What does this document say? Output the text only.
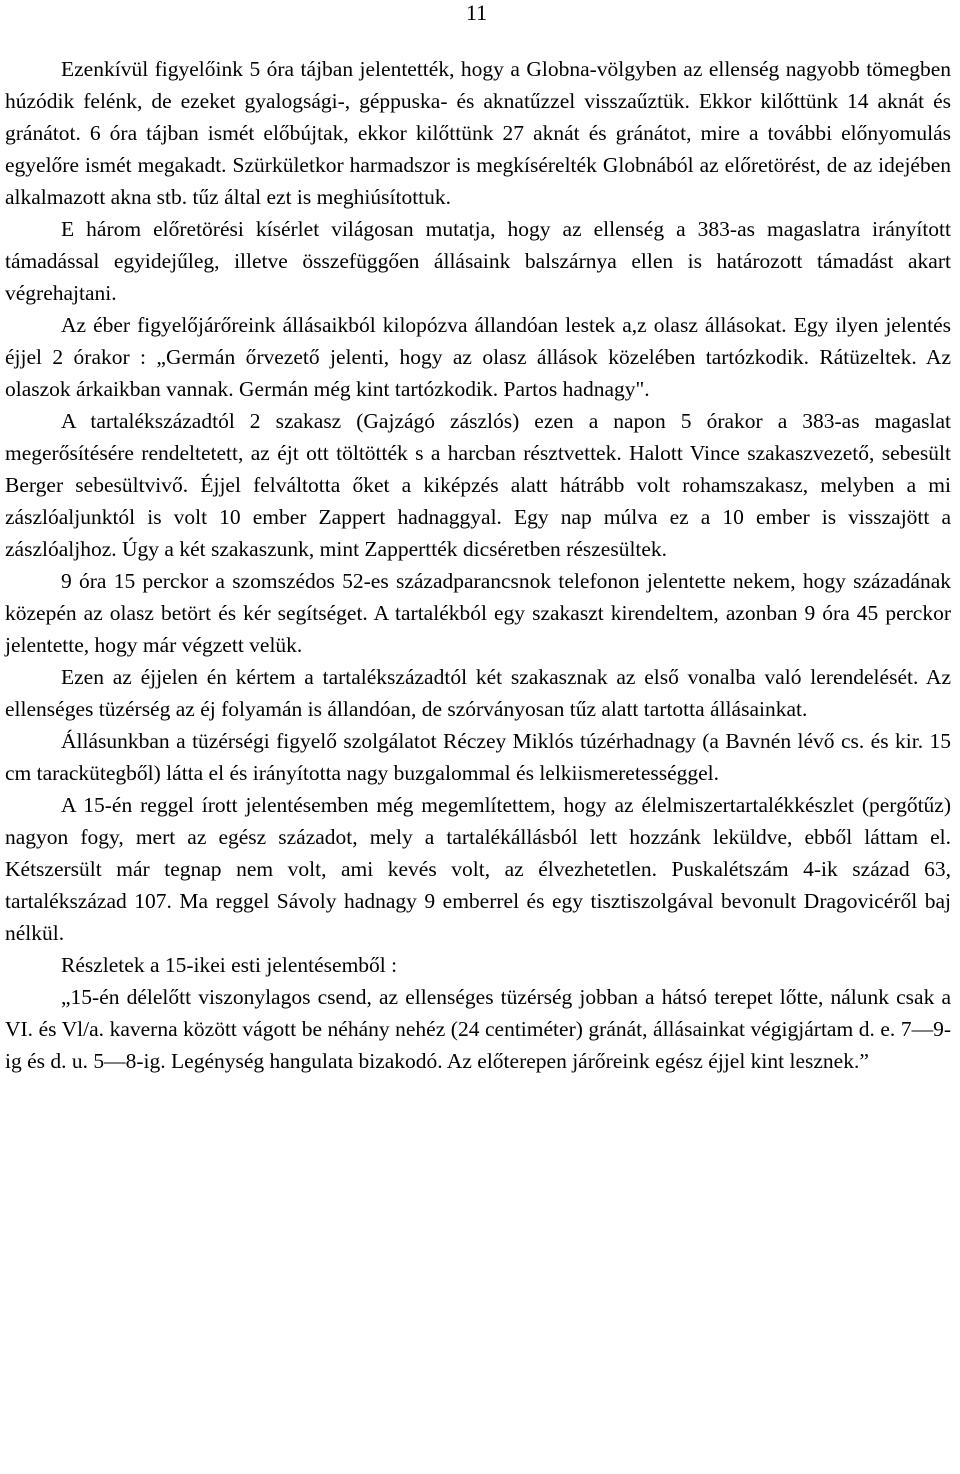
11

Ezenkívül figyelőink 5 óra tájban jelentették, hogy a Globna-völgyben az ellenség nagyobb tömegben húzódik felénk, de ezeket gyalogsági-, géppuska- és aknatűzzel visszaűztük. Ekkor kilőttünk 14 aknát és gránátot. 6 óra tájban ismét előbújtak, ekkor kilőttünk 27 aknát és gránátot, mire a további előnyomulás egyelőre ismét megakadt. Szürkületkor harmadszor is megkísérelték Globnából az előretörést, de az idejében alkalmazott akna stb. tűz által ezt is meghiúsítottuk.

E három előretörési kísérlet világosan mutatja, hogy az ellenség a 383-as magaslatra irányított támadással egyidejűleg, illetve összefüggően állásaink balszárnya ellen is határozott támadást akart végrehajtani.

Az éber figyelőjárőreink állásaikból kilopózva állandóan lestek a,z olasz állásokat. Egy ilyen jelentés éjjel 2 órakor : „Germán őrvezető jelenti, hogy az olasz állások közelében tartózkodik. Rátüzeltek. Az olaszok árkaikban vannak. Germán még kint tartózkodik. Partos hadnagy".

A tartalékszázadtól 2 szakasz (Gajzágó zászlós) ezen a napon 5 órakor a 383-as magaslat megerősítésére rendeltetett, az éjt ott töltötték s a harcban résztvettek. Halott Vince szakaszvezető, sebesült Berger sebesültvivő. Éjjel felváltotta őket a kiképzés alatt hátrább volt rohamszakasz, melyben a mi zászlóaljunktól is volt 10 ember Zappert hadnaggyal. Egy nap múlva ez a 10 ember is visszajött a zászlóaljhoz. Úgy a két szakaszunk, mint Zappertték dicséretben részesültek.

9 óra 15 perckor a szomszédos 52-es századparancsnok telefonon jelentette nekem, hogy századának közepén az olasz betört és kér segítséget. A tartalékból egy szakaszt kirendeltem, azonban 9 óra 45 perckor jelentette, hogy már végzett velük.

Ezen az éjjelen én kértem a tartalékszázadtól két szakasznak az első vonalba való lerendelését. Az ellenséges tüzérség az éj folyamán is állandóan, de szórványosan tűz alatt tartotta állásainkat.

Állásunkban a tüzérségi figyelő szolgálatot Réczey Miklós túzérhadnagy (a Bavnén lévő cs. és kir. 15 cm tarackütegből) látta el és irányította nagy buzgalommal és lelkiismeretességgel.

A 15-én reggel írott jelentésemben még megemlítettem, hogy az élelmiszertartalékkészlet (pergőtűz) nagyon fogy, mert az egész századot, mely a tartalékállásból lett hozzánk leküldve, ebből láttam el. Kétszersült már tegnap nem volt, ami kevés volt, az élvezhetetlen. Puskalétszám 4-ik század 63, tartalékszázad 107. Ma reggel Sávoly hadnagy 9 emberrel és egy tisztiszolgával bevonult Dragovicéről baj nélkül.

Részletek a 15-ikei esti jelentésemből :

„15-én délelőtt viszonylagos csend, az ellenséges tüzérség jobban a hátsó terepet lőtte, nálunk csak a VI. és Vl/a. kaverna között vágott be néhány nehéz (24 centiméter) gránát, állásainkat végigjártam d. e. 7—9-ig és d. u. 5—8-ig. Legénység hangulata bizakodó. Az előterepen járőreink egész éjjel kint lesznek.”
